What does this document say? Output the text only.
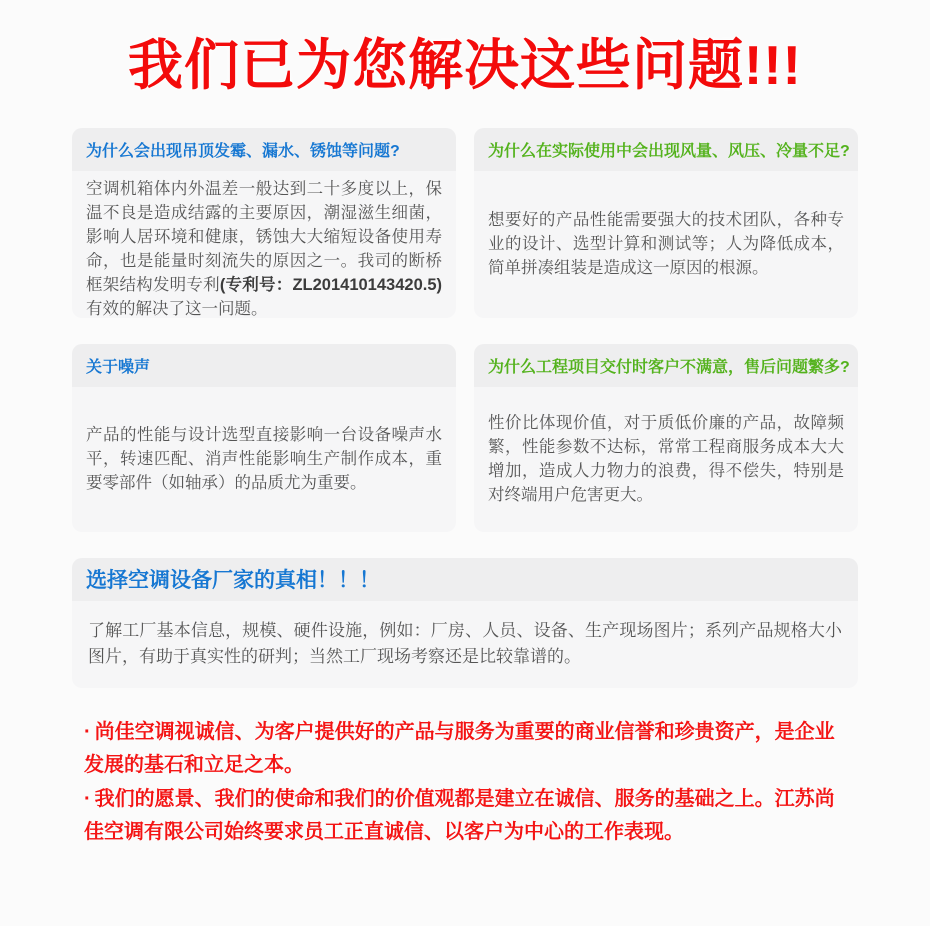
我们已为您解决这些问题!!!
为什么会出现吊顶发霉、漏水、锈蚀等问题?
空调机箱体内外温差一般达到二十多度以上，保温不良是造成结露的主要原因，潮湿滋生细菌，影响人居环境和健康，锈蚀大大缩短设备使用寿命，也是能量时刻流失的原因之一。我司的断桥框架结构发明专利(专利号：ZL201410143420.5)有效的解决了这一问题。
为什么在实际使用中会出现风量、风压、冷量不足?
想要好的产品性能需要强大的技术团队，各种专业的设计、选型计算和测试等；人为降低成本，简单拼凑组装是造成这一原因的根源。
关于噪声
产品的性能与设计选型直接影响一台设备噪声水平，转速匹配、消声性能影响生产制作成本，重要零部件（如轴承）的品质尤为重要。
为什么工程项目交付时客户不满意，售后问题繁多?
性价比体现价值，对于质低价廉的产品，故障频繁，性能参数不达标，常常工程商服务成本大大增加，造成人力物力的浪费，得不偿失，特别是对终端用户危害更大。
选择空调设备厂家的真相！！！
了解工厂基本信息，规模、硬件设施，例如：厂房、人员、设备、生产现场图片；系列产品规格大小图片，有助于真实性的研判；当然工厂现场考察还是比较靠谱的。

· 尚佳空调视诚信、为客户提供好的产品与服务为重要的商业信誉和珍贵资产，是企业发展的基石和立足之本。

· 我们的愿景、我们的使命和我们的价值观都是建立在诚信、服务的基础之上。江苏尚佳空调有限公司始终要求员工正直诚信、以客户为中心的工作表现。
